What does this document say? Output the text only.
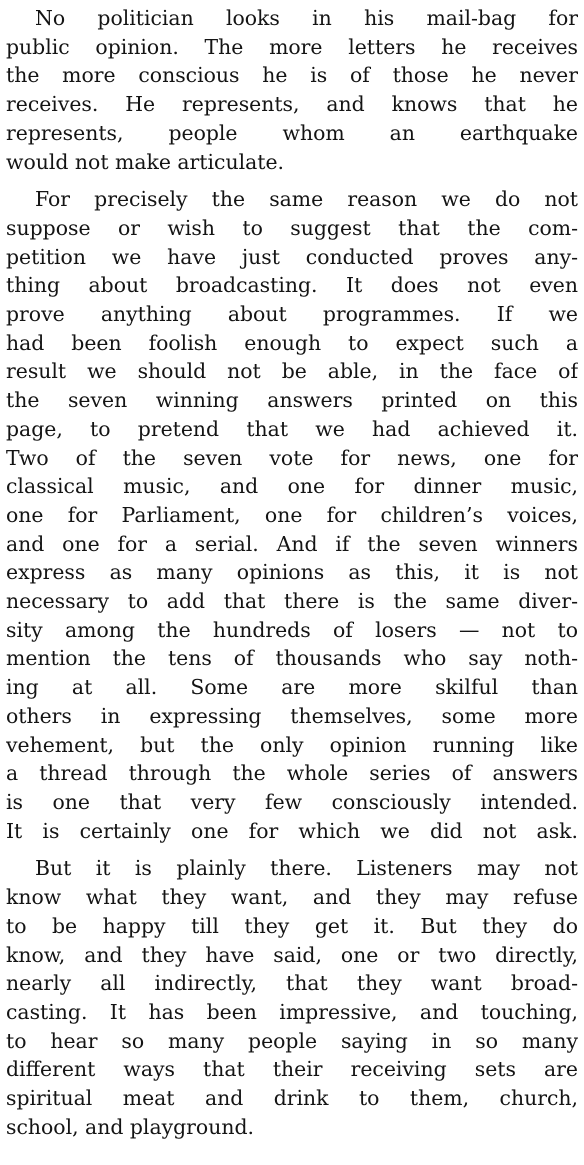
No politician looks in his mail-bag for
public opinion. The more letters he receives
the more conscious he is of those he never
receives. He represents, and knows that he
represents, people whom an earthquake
would not make articulate.
For precisely the same reason we do not
suppose or wish to suggest that the com-
petition we have just conducted proves any-
thing about broadcasting. It does not even
prove anything about programmes. If we
had been foolish enough to expect such a
result we should not be able, in the face of
the seven winning answers printed on this
page, to pretend that we had achieved it.
Two of the seven vote for news, one for
classical music, and one for dinner music,
one for Parliament, one for children’s voices,
and one for a serial. And if the seven winners
express as many opinions as this, it is not
necessary to add that there is the same diver-
sity among the hundreds of losers — not to
mention the tens of thousands who say noth-
ing at all. Some are more skilful than
others in expressing themselves, some more
vehement, but the only opinion running like
a thread through the whole series of answers
is one that very few consciously intended.
It is certainly one for which we did not ask.
But it is plainly there. Listeners may not
know what they want, and they may refuse
to be happy till they get it. But they do
know, and they have said, one or two directly,
nearly all indirectly, that they want broad-
casting. It has been impressive, and touching,
to hear so many people saying in so many
different ways that their receiving sets are
spiritual meat and drink to them, church,
school, and playground.
